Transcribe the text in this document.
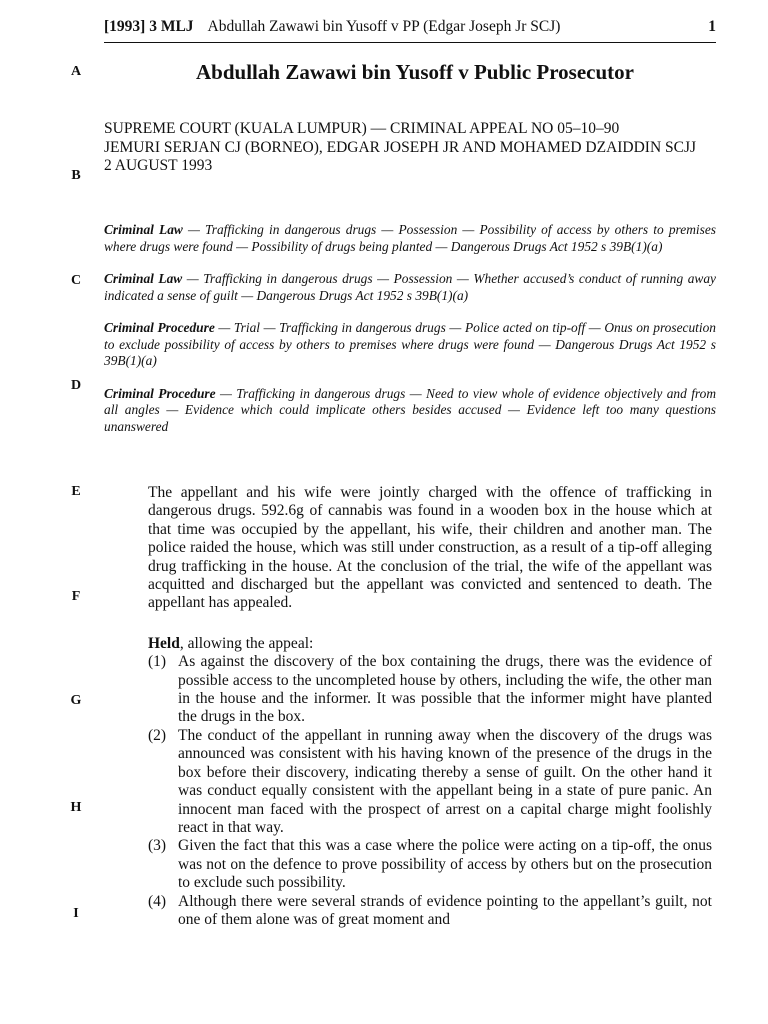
[1993] 3 MLJ Abdullah Zawawi bin Yusoff v PP (Edgar Joseph Jr SCJ)	1
Abdullah Zawawi bin Yusoff v Public Prosecutor
A
B
C
D
E
F
G
H
I
SUPREME COURT (KUALA LUMPUR) — CRIMINAL APPEAL NO 05–10–90
JEMURI SERJAN CJ (BORNEO), EDGAR JOSEPH JR AND MOHAMED DZAIDDIN SCJJ
2 AUGUST 1993

Criminal Law — Trafficking in dangerous drugs — Possession — Possibility of access by others to premises where drugs were found — Possibility of drugs being planted — Dangerous Drugs Act 1952 s 39B(1)(a)

Criminal Law — Trafficking in dangerous drugs — Possession — Whether accused’s conduct of running away indicated a sense of guilt — Dangerous Drugs Act 1952 s 39B(1)(a)

Criminal Procedure — Trial — Trafficking in dangerous drugs — Police acted on tip-off — Onus on prosecution to exclude possibility of access by others to premises where drugs were found — Dangerous Drugs Act 1952 s 39B(1)(a)

Criminal Procedure — Trafficking in dangerous drugs — Need to view whole of evidence objectively and from all angles — Evidence which could implicate others besides accused — Evidence left too many questions unanswered

The appellant and his wife were jointly charged with the offence of trafficking in dangerous drugs. 592.6g of cannabis was found in a wooden box in the house which at that time was occupied by the appellant, his wife, their children and another man. The police raided the house, which was still under construction, as a result of a tip-off alleging drug trafficking in the house. At the conclusion of the trial, the wife of the appellant was acquitted and discharged but the appellant was convicted and sentenced to death. The appellant has appealed.

Held, allowing the appeal:

(1) As against the discovery of the box containing the drugs, there was the evidence of possible access to the uncompleted house by others, including the wife, the other man in the house and the informer. It was possible that the informer might have planted the drugs in the box.
(2) The conduct of the appellant in running away when the discovery of the drugs was announced was consistent with his having known of the presence of the drugs in the box before their discovery, indicating thereby a sense of guilt. On the other hand it was conduct equally consistent with the appellant being in a state of pure panic. An innocent man faced with the prospect of arrest on a capital charge might foolishly react in that way.
(3) Given the fact that this was a case where the police were acting on a tip-off, the onus was not on the defence to prove possibility of access by others but on the prosecution to exclude such possibility.
(4) Although there were several strands of evidence pointing to the appellant’s guilt, not one of them alone was of great moment and
